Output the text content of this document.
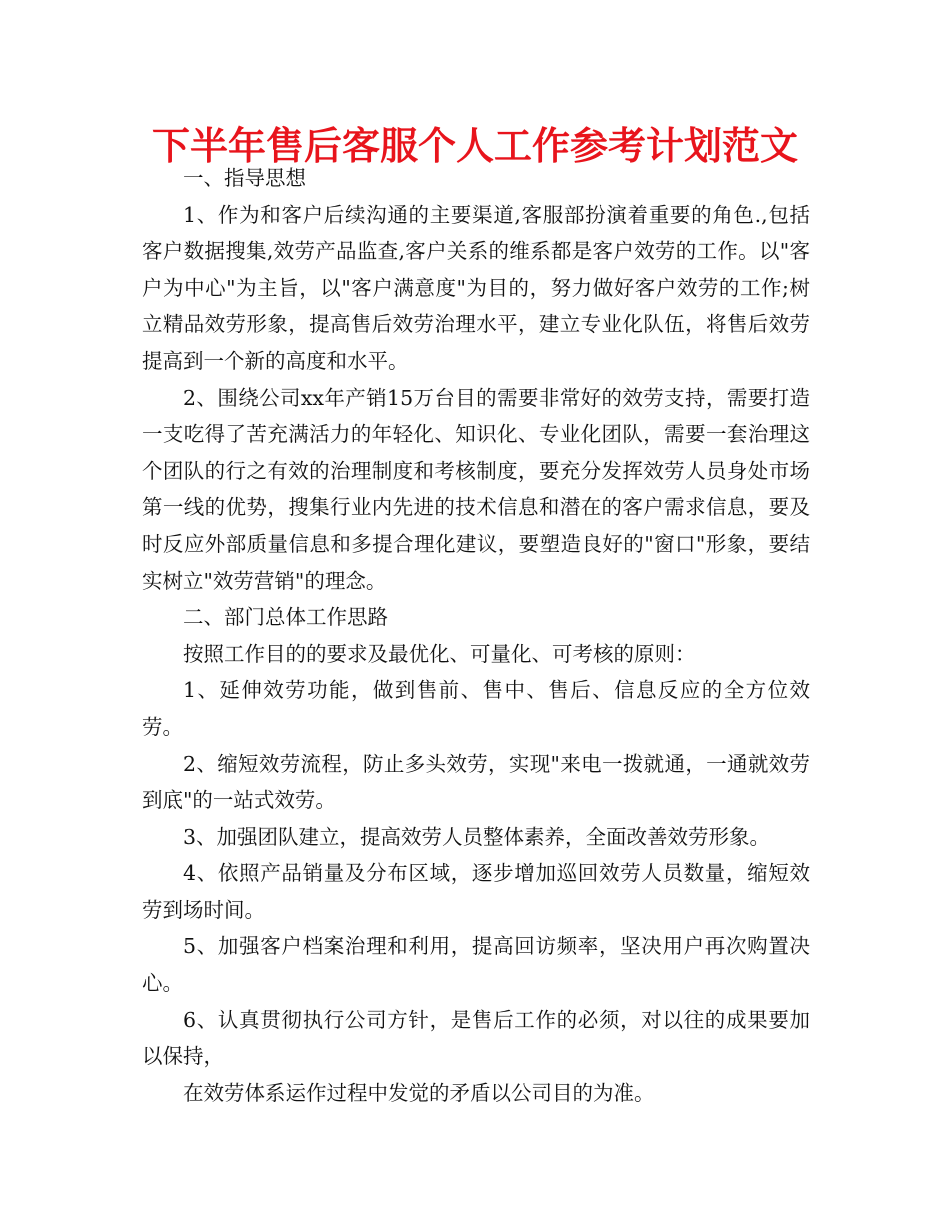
下半年售后客服个人工作参考计划范文

一、指导思想

1、作为和客户后续沟通的主要渠道,客服部扮演着重要的角色.,包括客户数据搜集,效劳产品监查,客户关系的维系都是客户效劳的工作。以"客户为中心"为主旨，以"客户满意度"为目的，努力做好客户效劳的工作;树立精品效劳形象，提高售后效劳治理水平，建立专业化队伍，将售后效劳提高到一个新的高度和水平。

2、围绕公司xx年产销15万台目的需要非常好的效劳支持，需要打造一支吃得了苦充满活力的年轻化、知识化、专业化团队，需要一套治理这个团队的行之有效的治理制度和考核制度，要充分发挥效劳人员身处市场第一线的优势，搜集行业内先进的技术信息和潜在的客户需求信息，要及时反应外部质量信息和多提合理化建议，要塑造良好的"窗口"形象，要结实树立"效劳营销"的理念。

二、部门总体工作思路

按照工作目的的要求及最优化、可量化、可考核的原则：

1、延伸效劳功能，做到售前、售中、售后、信息反应的全方位效劳。

2、缩短效劳流程，防止多头效劳，实现"来电一拨就通，一通就效劳到底"的一站式效劳。

3、加强团队建立，提高效劳人员整体素养，全面改善效劳形象。

4、依照产品销量及分布区域，逐步增加巡回效劳人员数量，缩短效劳到场时间。

5、加强客户档案治理和利用，提高回访频率，坚决用户再次购置决心。

6、认真贯彻执行公司方针，是售后工作的必须，对以往的成果要加以保持，

在效劳体系运作过程中发觉的矛盾以公司目的为准。
